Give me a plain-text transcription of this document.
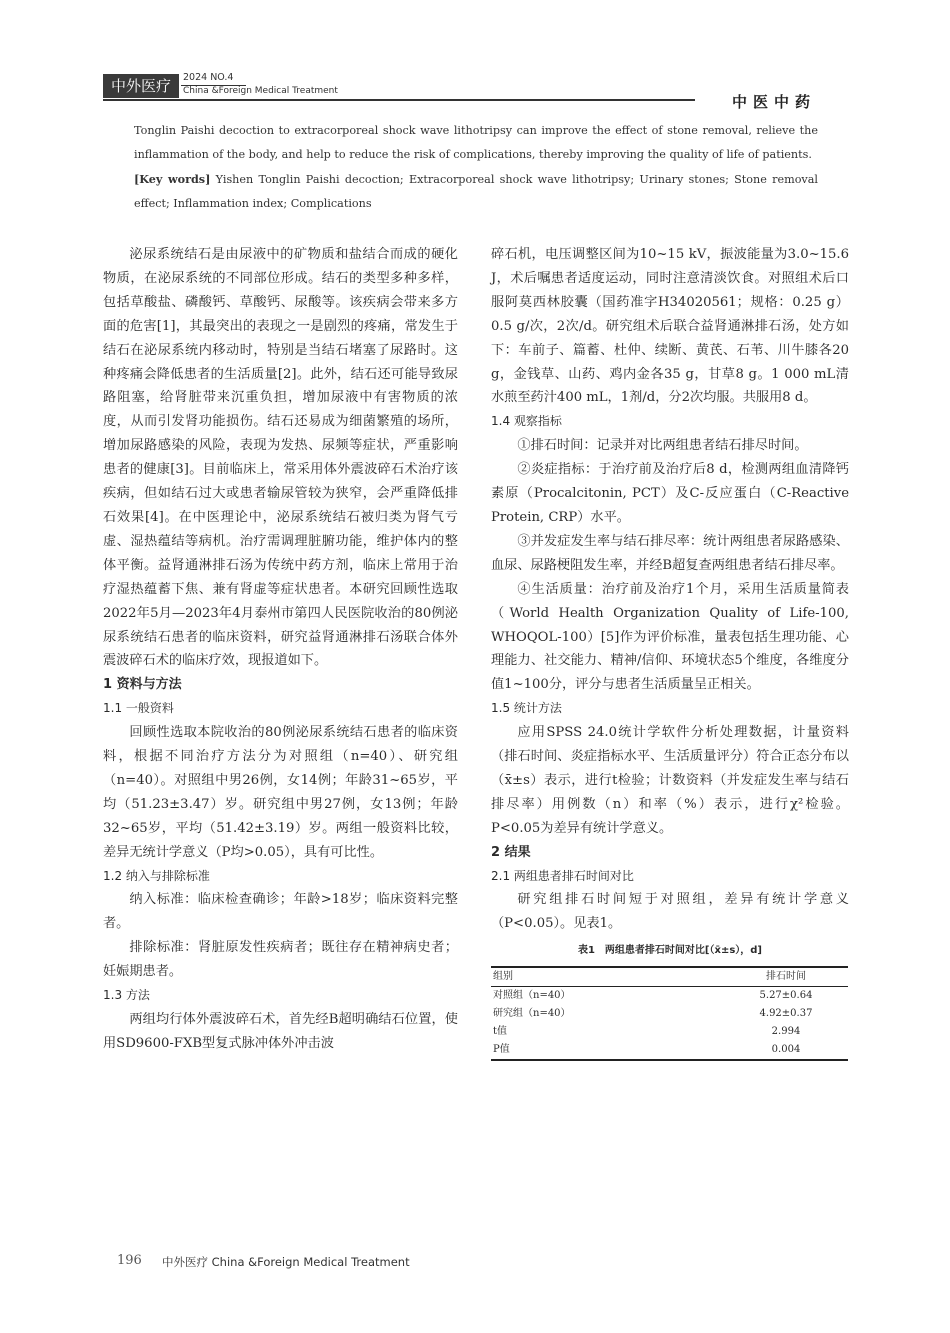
中外医疗	2024 NO.4
China &Foreign Medical Treatment
中医中药
Tonglin Paishi decoction to extracorporeal shock wave lithotripsy can improve the effect of stone removal, relieve the inflammation of the body, and help to reduce the risk of complications, thereby improving the quality of life of patients.
[Key words] Yishen Tonglin Paishi decoction; Extracorporeal shock wave lithotripsy; Urinary stones; Stone removal effect; Inflammation index; Complications

泌尿系统结石是由尿液中的矿物质和盐结合而成的硬化物质，在泌尿系统的不同部位形成。结石的类型多种多样，包括草酸盐、磷酸钙、草酸钙、尿酸等。该疾病会带来多方面的危害[1]，其最突出的表现之一是剧烈的疼痛，常发生于结石在泌尿系统内移动时，特别是当结石堵塞了尿路时。这种疼痛会降低患者的生活质量[2]。此外，结石还可能导致尿路阻塞，给肾脏带来沉重负担，增加尿液中有害物质的浓度，从而引发肾功能损伤。结石还易成为细菌繁殖的场所，增加尿路感染的风险，表现为发热、尿频等症状，严重影响患者的健康[3]。目前临床上，常采用体外震波碎石术治疗该疾病，但如结石过大或患者输尿管较为狭窄，会严重降低排石效果[4]。在中医理论中，泌尿系统结石被归类为肾气亏虚、湿热蕴结等病机。治疗需调理脏腑功能，维护体内的整体平衡。益肾通淋排石汤为传统中药方剂，临床上常用于治疗湿热蕴蓄下焦、兼有肾虚等症状患者。本研究回顾性选取2022年5月—2023年4月泰州市第四人民医院收治的80例泌尿系统结石患者的临床资料，研究益肾通淋排石汤联合体外震波碎石术的临床疗效，现报道如下。

1 资料与方法

1.1 一般资料

回顾性选取本院收治的80例泌尿系统结石患者的临床资料，根据不同治疗方法分为对照组（n=40）、研究组（n=40）。对照组中男26例，女14例；年龄31~65岁，平均（51.23±3.47）岁。研究组中男27例，女13例；年龄32~65岁，平均（51.42±3.19）岁。两组一般资料比较，差异无统计学意义（P均>0.05），具有可比性。

1.2 纳入与排除标准

纳入标准：临床检查确诊；年龄>18岁；临床资料完整者。

排除标准：肾脏原发性疾病者；既往存在精神病史者；妊娠期患者。

1.3 方法

两组均行体外震波碎石术，首先经B超明确结石位置，使用SD9600-FXB型复式脉冲体外冲击波

碎石机，电压调整区间为10~15 kV，振波能量为3.0~15.6 J，术后嘱患者适度运动，同时注意清淡饮食。对照组术后口服阿莫西林胶囊（国药准字H34020561；规格：0.25 g）0.5 g/次，2次/d。研究组术后联合益肾通淋排石汤，处方如下：车前子、篇蓄、杜仲、续断、黄芪、石苇、川牛膝各20 g，金钱草、山药、鸡内金各35 g，甘草8 g。1 000 mL清水煎至药汁400 mL，1剂/d，分2次均服。共服用8 d。

1.4 观察指标

①排石时间：记录并对比两组患者结石排尽时间。

②炎症指标：于治疗前及治疗后8 d，检测两组血清降钙素原（Procalcitonin, PCT）及C-反应蛋白（C-Reactive Protein, CRP）水平。

③并发症发生率与结石排尽率：统计两组患者尿路感染、血尿、尿路梗阻发生率，并经B超复查两组患者结石排尽率。

④生活质量：治疗前及治疗1个月，采用生活质量简表（World Health Organization Quality of Life-100, WHOQOL-100）[5]作为评价标准，量表包括生理功能、心理能力、社交能力、精神/信仰、环境状态5个维度，各维度分值1~100分，评分与患者生活质量呈正相关。

1.5 统计方法

应用SPSS 24.0统计学软件分析处理数据，计量资料（排石时间、炎症指标水平、生活质量评分）符合正态分布以（x̄±s）表示，进行t检验；计数资料（并发症发生率与结石排尽率）用例数（n）和率（%）表示，进行χ²检验。P<0.05为差异有统计学意义。

2 结果

2.1 两组患者排石时间对比

研究组排石时间短于对照组，差异有统计学意义（P<0.05）。见表1。

表1　两组患者排石时间对比[（x̄±s），d]

组别	排石时间
对照组（n=40）	5.27±0.64
研究组（n=40）	4.92±0.37
t值	2.994
P值	0.004
196 中外医疗 China &Foreign Medical Treatment
